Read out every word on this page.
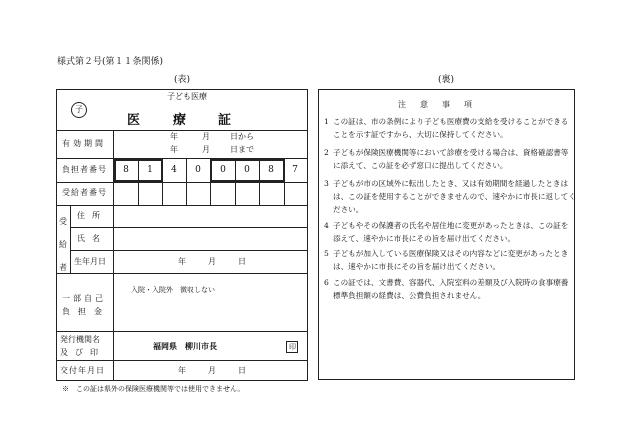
様式第２号(第１１条関係)
(表)	(裏)
子ども医療
子
医	療 証
有効期間
年	月	日から
年	月	日まで
負担者番号	8	1	4	0	0	0	8	7
受給者番号
受
給
者
住所
氏名
生年月日	年	月	日
一部自己
負担金
入院・入院外　徴収しない
発行機関名
及び印
福岡県　柳川市長	印
交付年月日	年	月	日
※　この証は県外の保険医療機関等では使用できません。
注　意　事　項
1 この証は、市の条例により子ども医療費の支給を受けることができる
ことを示す証ですから、大切に保持してください。
2 子どもが保険医療機関等において診療を受ける場合は、資格確認書等
に添えて、この証を必ず窓口に提出してください。
3 子どもが市の区域外に転出したとき、又は有効期間を経過したときは
は、この証を使用することができませんので、速やかに市長に返してく
ださい。
4 子どもやその保護者の氏名や居住地に変更があったときは、この証を
添えて、速やかに市長にその旨を届け出てください。
5 子どもが加入している医療保険又はその内容などに変更があったとき
は、速やかに市長にその旨を届け出てください。
6 この証では、文書費、容器代、入院室料の差額及び入院時の食事療養
標準負担額の経費は、公費負担されません。
